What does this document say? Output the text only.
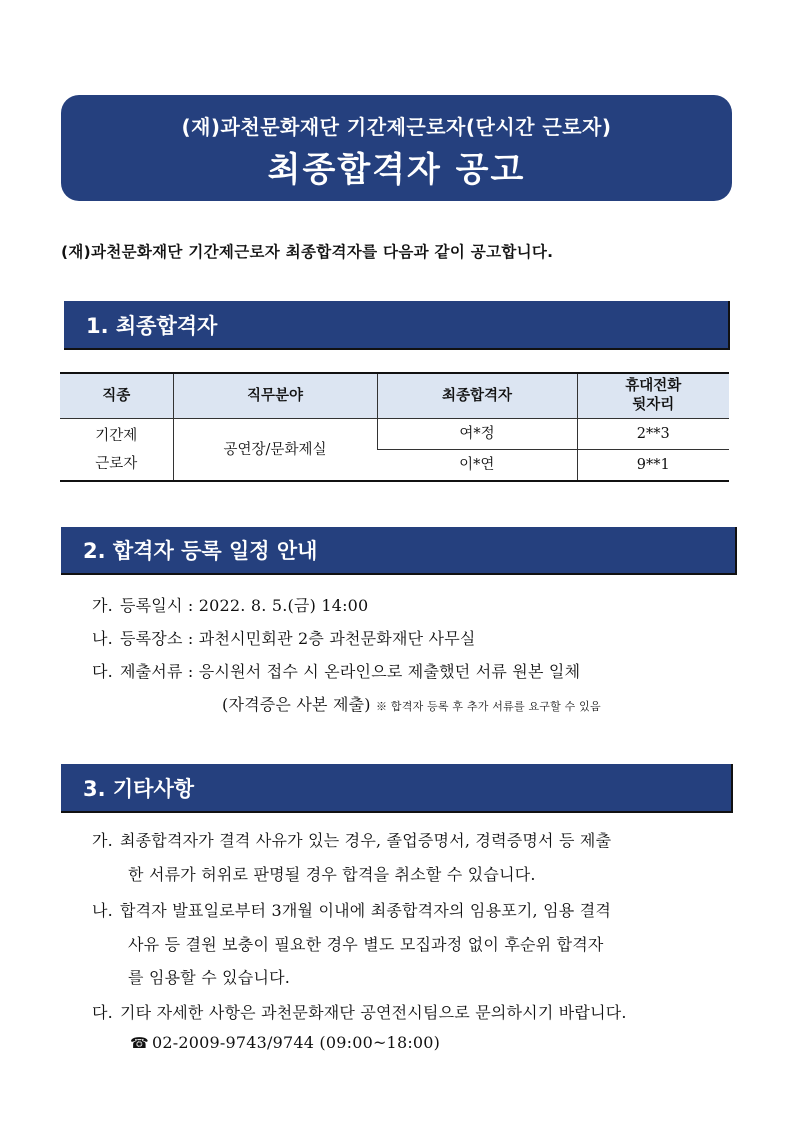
(재)과천문화재단 기간제근로자(단시간 근로자)
최종합격자 공고
(재)과천문화재단 기간제근로자 최종합격자를 다음과 같이 공고합니다.
1. 최종합격자
직종	직무분야	최종합격자	휴대전화
뒷자리
기간제
근로자	공연장/문화제실	여*정	2**3
		이*연	9**1
2. 합격자 등록 일정 안내
가. 등록일시 : 2022. 8. 5.(금) 14:00
나. 등록장소 : 과천시민회관 2층 과천문화재단 사무실
다. 제출서류 : 응시원서 접수 시 온라인으로 제출했던 서류 원본 일체
(자격증은 사본 제출) ※ 합격자 등록 후 추가 서류를 요구할 수 있음
3. 기타사항
가. 최종합격자가 결격 사유가 있는 경우, 졸업증명서, 경력증명서 등 제출
한 서류가 허위로 판명될 경우 합격을 취소할 수 있습니다.
나. 합격자 발표일로부터 3개월 이내에 최종합격자의 임용포기, 임용 결격
사유 등 결원 보충이 필요한 경우 별도 모집과정 없이 후순위 합격자
를 임용할 수 있습니다.
다. 기타 자세한 사항은 과천문화재단 공연전시팀으로 문의하시기 바랍니다.
☎ 02-2009-9743/9744 (09:00~18:00)
